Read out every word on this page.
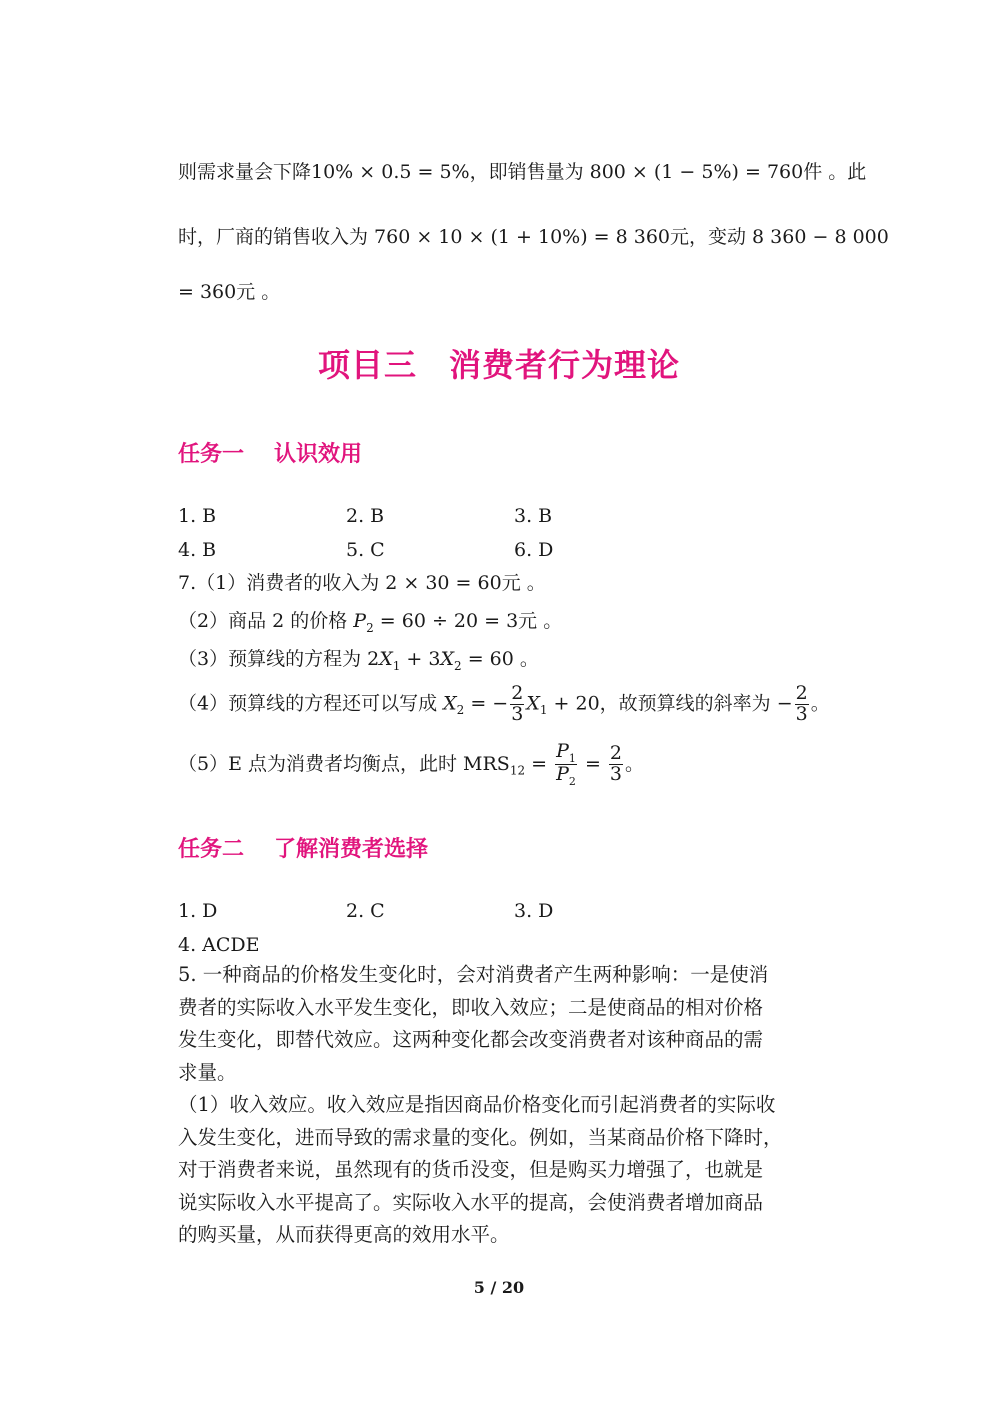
则需求量会下降10% × 0.5 = 5%，即销售量为 800 × (1 − 5%) = 760件 。此
时，厂商的销售收入为 760 × 10 × (1 + 10%) = 8 360元，变动 8 360 − 8 000
= 360元 。
项目三 消费者行为理论
任务一 认识效用
1. B	2. B	3. B
4. B	5. C	6. D
7.（1）消费者的收入为 2 × 30 = 60元 。
（2）商品 2 的价格 $P_2 = 60 \div 20 = 3$元 。
（3）预算线的方程为 $2X_1 + 3X_2 = 60$ 。
（4）预算线的方程还可以写成 $X_2$ = − $\frac{2}{3} X_1 + 20$，故预算线的斜率为 − $\frac{2}{3}$ 。
（5）E 点为消费者均衡点，此时 $MRS_{12} = \frac{P_1}{P_2} = \frac{2}{3}$ 。
任务二 了解消费者选择
1. D	2. C	3. D
4. ACDE
5. 一种商品的价格发生变化时，会对消费者产生两种影响：一是使消
费者的实际收入水平发生变化，即收入效应；二是使商品的相对价格
发生变化，即替代效应。这两种变化都会改变消费者对该种商品的需
求量。
（1）收入效应。收入效应是指因商品价格变化而引起消费者的实际收
入发生变化，进而导致的需求量的变化。例如，当某商品价格下降时，
对于消费者来说，虽然现有的货币没变，但是购买力增强了，也就是
说实际收入水平提高了。实际收入水平的提高，会使消费者增加商品
的购买量，从而获得更高的效用水平。
5 / 20
